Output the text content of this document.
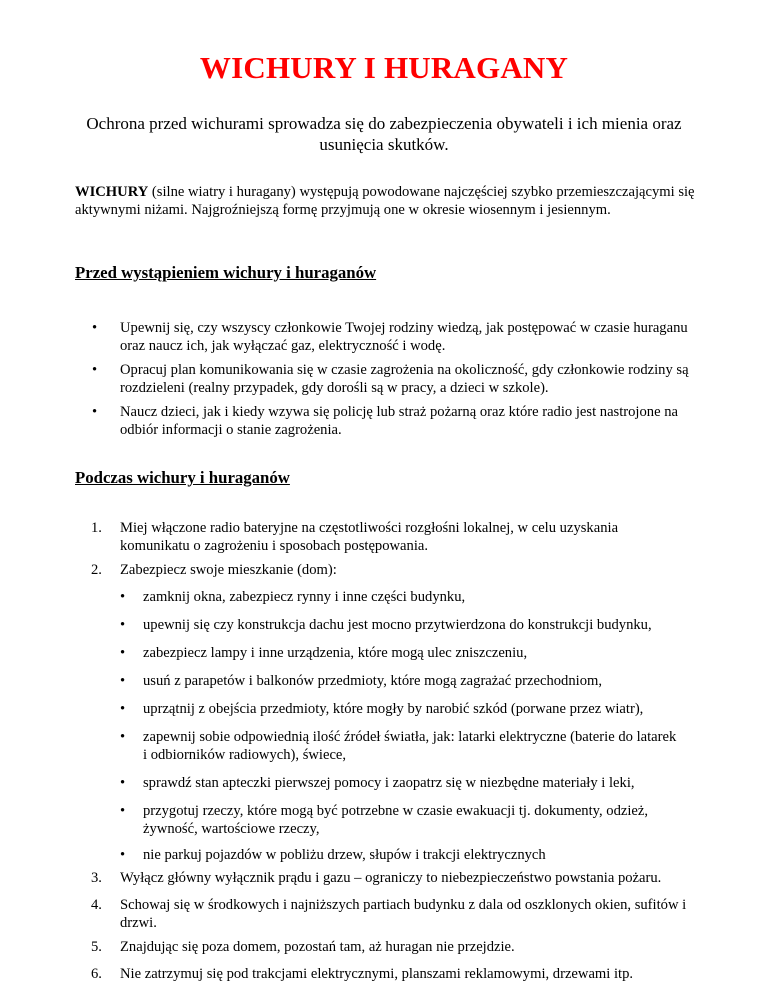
WICHURY I HURAGANY

Ochrona przed wichurami sprowadza się do zabezpieczenia obywateli i ich mienia oraz usunięcia skutków.

WICHURY (silne wiatry i huragany) występują powodowane najczęściej szybko przemieszczającymi się aktywnymi niżami. Najgroźniejszą formę przyjmują one w okresie wiosennym i jesiennym.

Przed wystąpieniem wichury i huraganów
• Upewnij się, czy wszyscy członkowie Twojej rodziny wiedzą, jak postępować w czasie huraganu oraz naucz ich, jak wyłączać gaz, elektryczność i wodę.

• Opracuj plan komunikowania się w czasie zagrożenia na okoliczność, gdy członkowie rodziny są rozdzieleni (realny przypadek, gdy dorośli są w pracy, a dzieci w szkole).

• Naucz dzieci, jak i kiedy wzywa się policję lub straż pożarną oraz które radio jest nastrojone na odbiór informacji o stanie zagrożenia.

Podczas wichury i huraganów
1. Miej włączone radio bateryjne na częstotliwości rozgłośni lokalnej, w celu uzyskania komunikatu o zagrożeniu i sposobach postępowania.

2. Zabezpiecz swoje mieszkanie (dom):

• zamknij okna, zabezpiecz rynny i inne części budynku,

• upewnij się czy konstrukcja dachu jest mocno przytwierdzona do konstrukcji budynku,

• zabezpiecz lampy i inne urządzenia, które mogą ulec zniszczeniu,

• usuń z parapetów i balkonów przedmioty, które mogą zagrażać przechodniom,

• uprzątnij z obejścia przedmioty, które mogły by narobić szkód (porwane przez wiatr),

• zapewnij sobie odpowiednią ilość źródeł światła, jak: latarki elektryczne (baterie do latarek i odbiorników radiowych), świece,

• sprawdź stan apteczki pierwszej pomocy i zaopatrz się w niezbędne materiały i leki,

• przygotuj rzeczy, które mogą być potrzebne w czasie ewakuacji tj. dokumenty, odzież, żywność, wartościowe rzeczy,

• nie parkuj pojazdów w pobliżu drzew, słupów i trakcji elektrycznych

3. Wyłącz główny wyłącznik prądu i gazu – ograniczy to niebezpieczeństwo powstania pożaru.

4. Schowaj się w środkowych i najniższych partiach budynku z dala od oszklonych okien, sufitów i drzwi.

5. Znajdując się poza domem, pozostań tam, aż huragan nie przejdzie.

6. Nie zatrzymuj się pod trakcjami elektrycznymi, planszami reklamowymi, drzewami itp.
